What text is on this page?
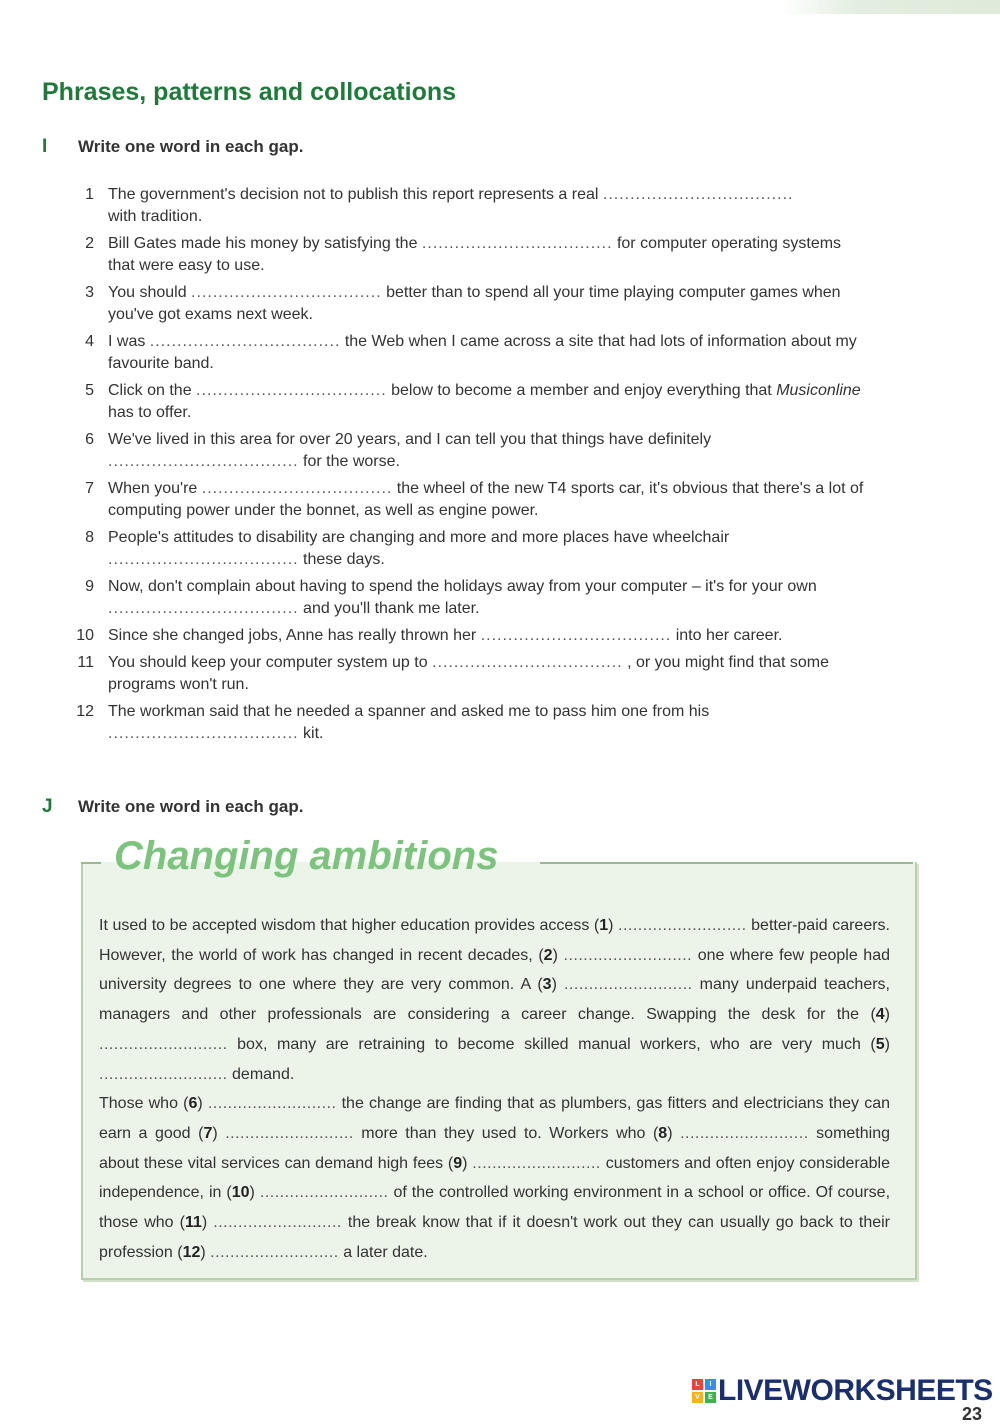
Phrases, patterns and collocations
I Write one word in each gap.
1 The government's decision not to publish this report represents a real ...................................
with tradition.
2 Bill Gates made his money by satisfying the ................................... for computer operating systems that were easy to use.
3 You should ................................... better than to spend all your time playing computer games when you've got exams next week.
4 I was ................................... the Web when I came across a site that had lots of information about my favourite band.
5 Click on the ................................... below to become a member and enjoy everything that Musiconline has to offer.
6 We've lived in this area for over 20 years, and I can tell you that things have definitely
................................... for the worse.
7 When you're ................................... the wheel of the new T4 sports car, it's obvious that there's a lot of computing power under the bonnet, as well as engine power.
8 People's attitudes to disability are changing and more and more places have wheelchair
................................... these days.
9 Now, don't complain about having to spend the holidays away from your computer – it's for your own ................................... and you'll thank me later.
10 Since she changed jobs, Anne has really thrown her ................................... into her career.
11 You should keep your computer system up to ................................... , or you might find that some programs won't run.
12 The workman said that he needed a spanner and asked me to pass him one from his
................................... kit.
J Write one word in each gap.
Changing ambitions

It used to be accepted wisdom that higher education provides access (1) .......................... better-paid careers. However, the world of work has changed in recent decades, (2) .......................... one where few people had university degrees to one where they are very common. A (3) .......................... many underpaid teachers, managers and other professionals are considering a career change. Swapping the desk for the (4) .......................... box, many are retraining to become skilled manual workers, who are very much (5) .......................... demand.

Those who (6) .......................... the change are finding that as plumbers, gas fitters and electricians they can earn a good (7) .......................... more than they used to. Workers who (8) .......................... something about these vital services can demand high fees (9) .......................... customers and often enjoy considerable independence, in (10) .......................... of the controlled working environment in a school or office. Of course, those who (11) .......................... the break know that if it doesn't work out they can usually go back to their profession (12) .......................... a later date.

L	I
V	E LIVEWORKSHEETS
23
